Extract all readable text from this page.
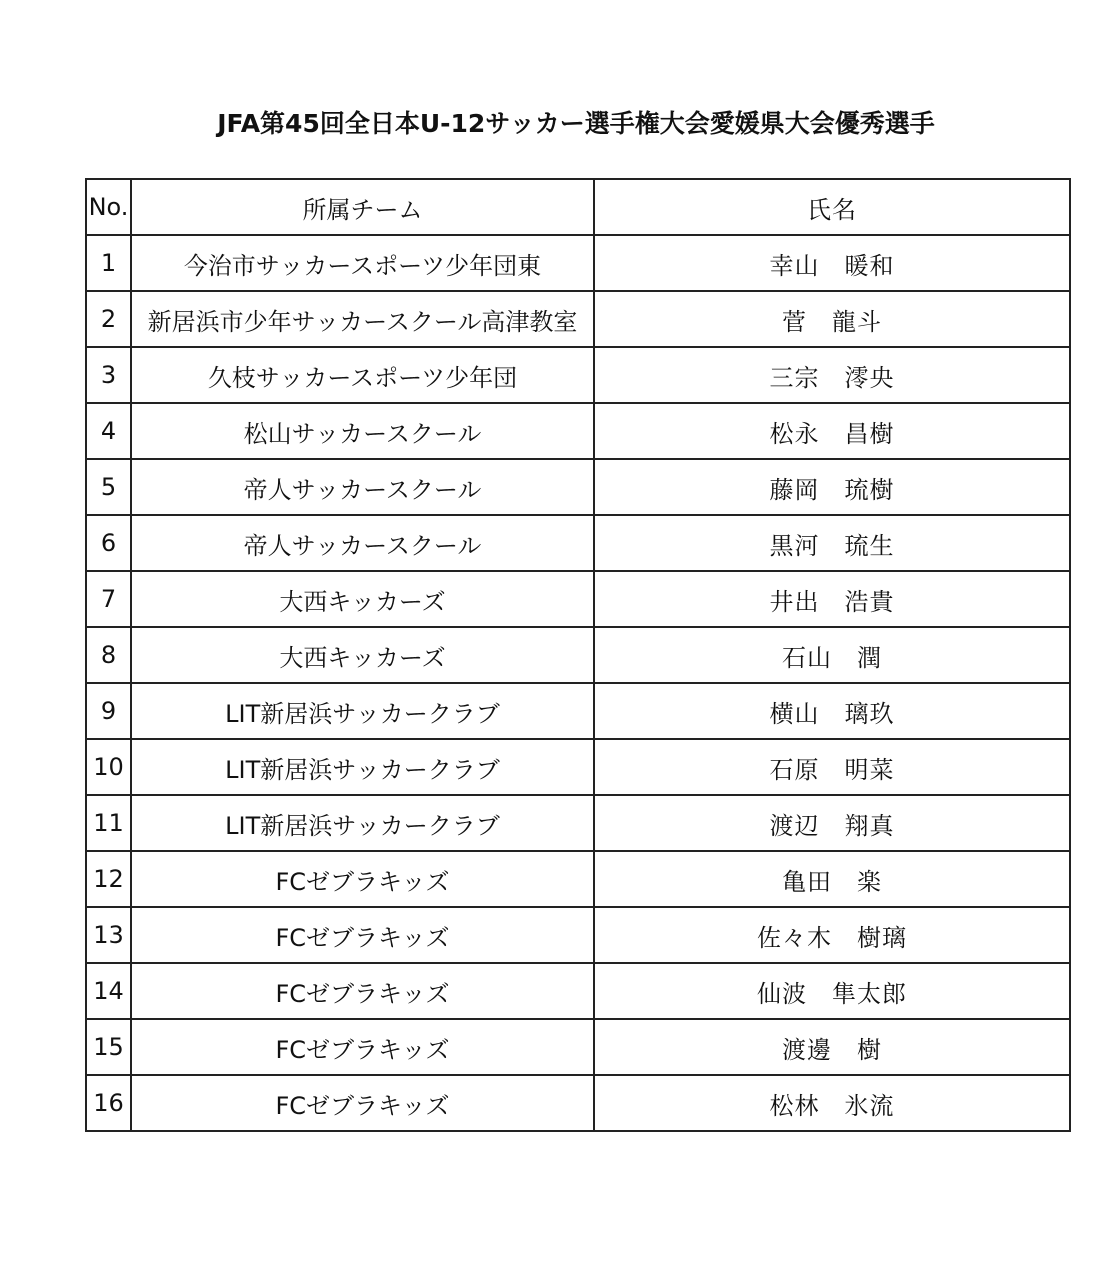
JFA第45回全日本U-12サッカー選手権大会愛媛県大会優秀選手
No.	所属チーム	氏名
1	今治市サッカースポーツ少年団東	幸山　暖和
2	新居浜市少年サッカースクール高津教室	菅　龍斗
3	久枝サッカースポーツ少年団	三宗　澪央
4	松山サッカースクール	松永　昌樹
5	帝人サッカースクール	藤岡　琉樹
6	帝人サッカースクール	黒河　琉生
7	大西キッカーズ	井出　浩貴
8	大西キッカーズ	石山　潤
9	LIT新居浜サッカークラブ	横山　璃玖
10	LIT新居浜サッカークラブ	石原　明菜
11	LIT新居浜サッカークラブ	渡辺　翔真
12	FCゼブラキッズ	亀田　楽
13	FCゼブラキッズ	佐々木　樹璃
14	FCゼブラキッズ	仙波　隼太郎
15	FCゼブラキッズ	渡邊　樹
16	FCゼブラキッズ	松林　氷流
